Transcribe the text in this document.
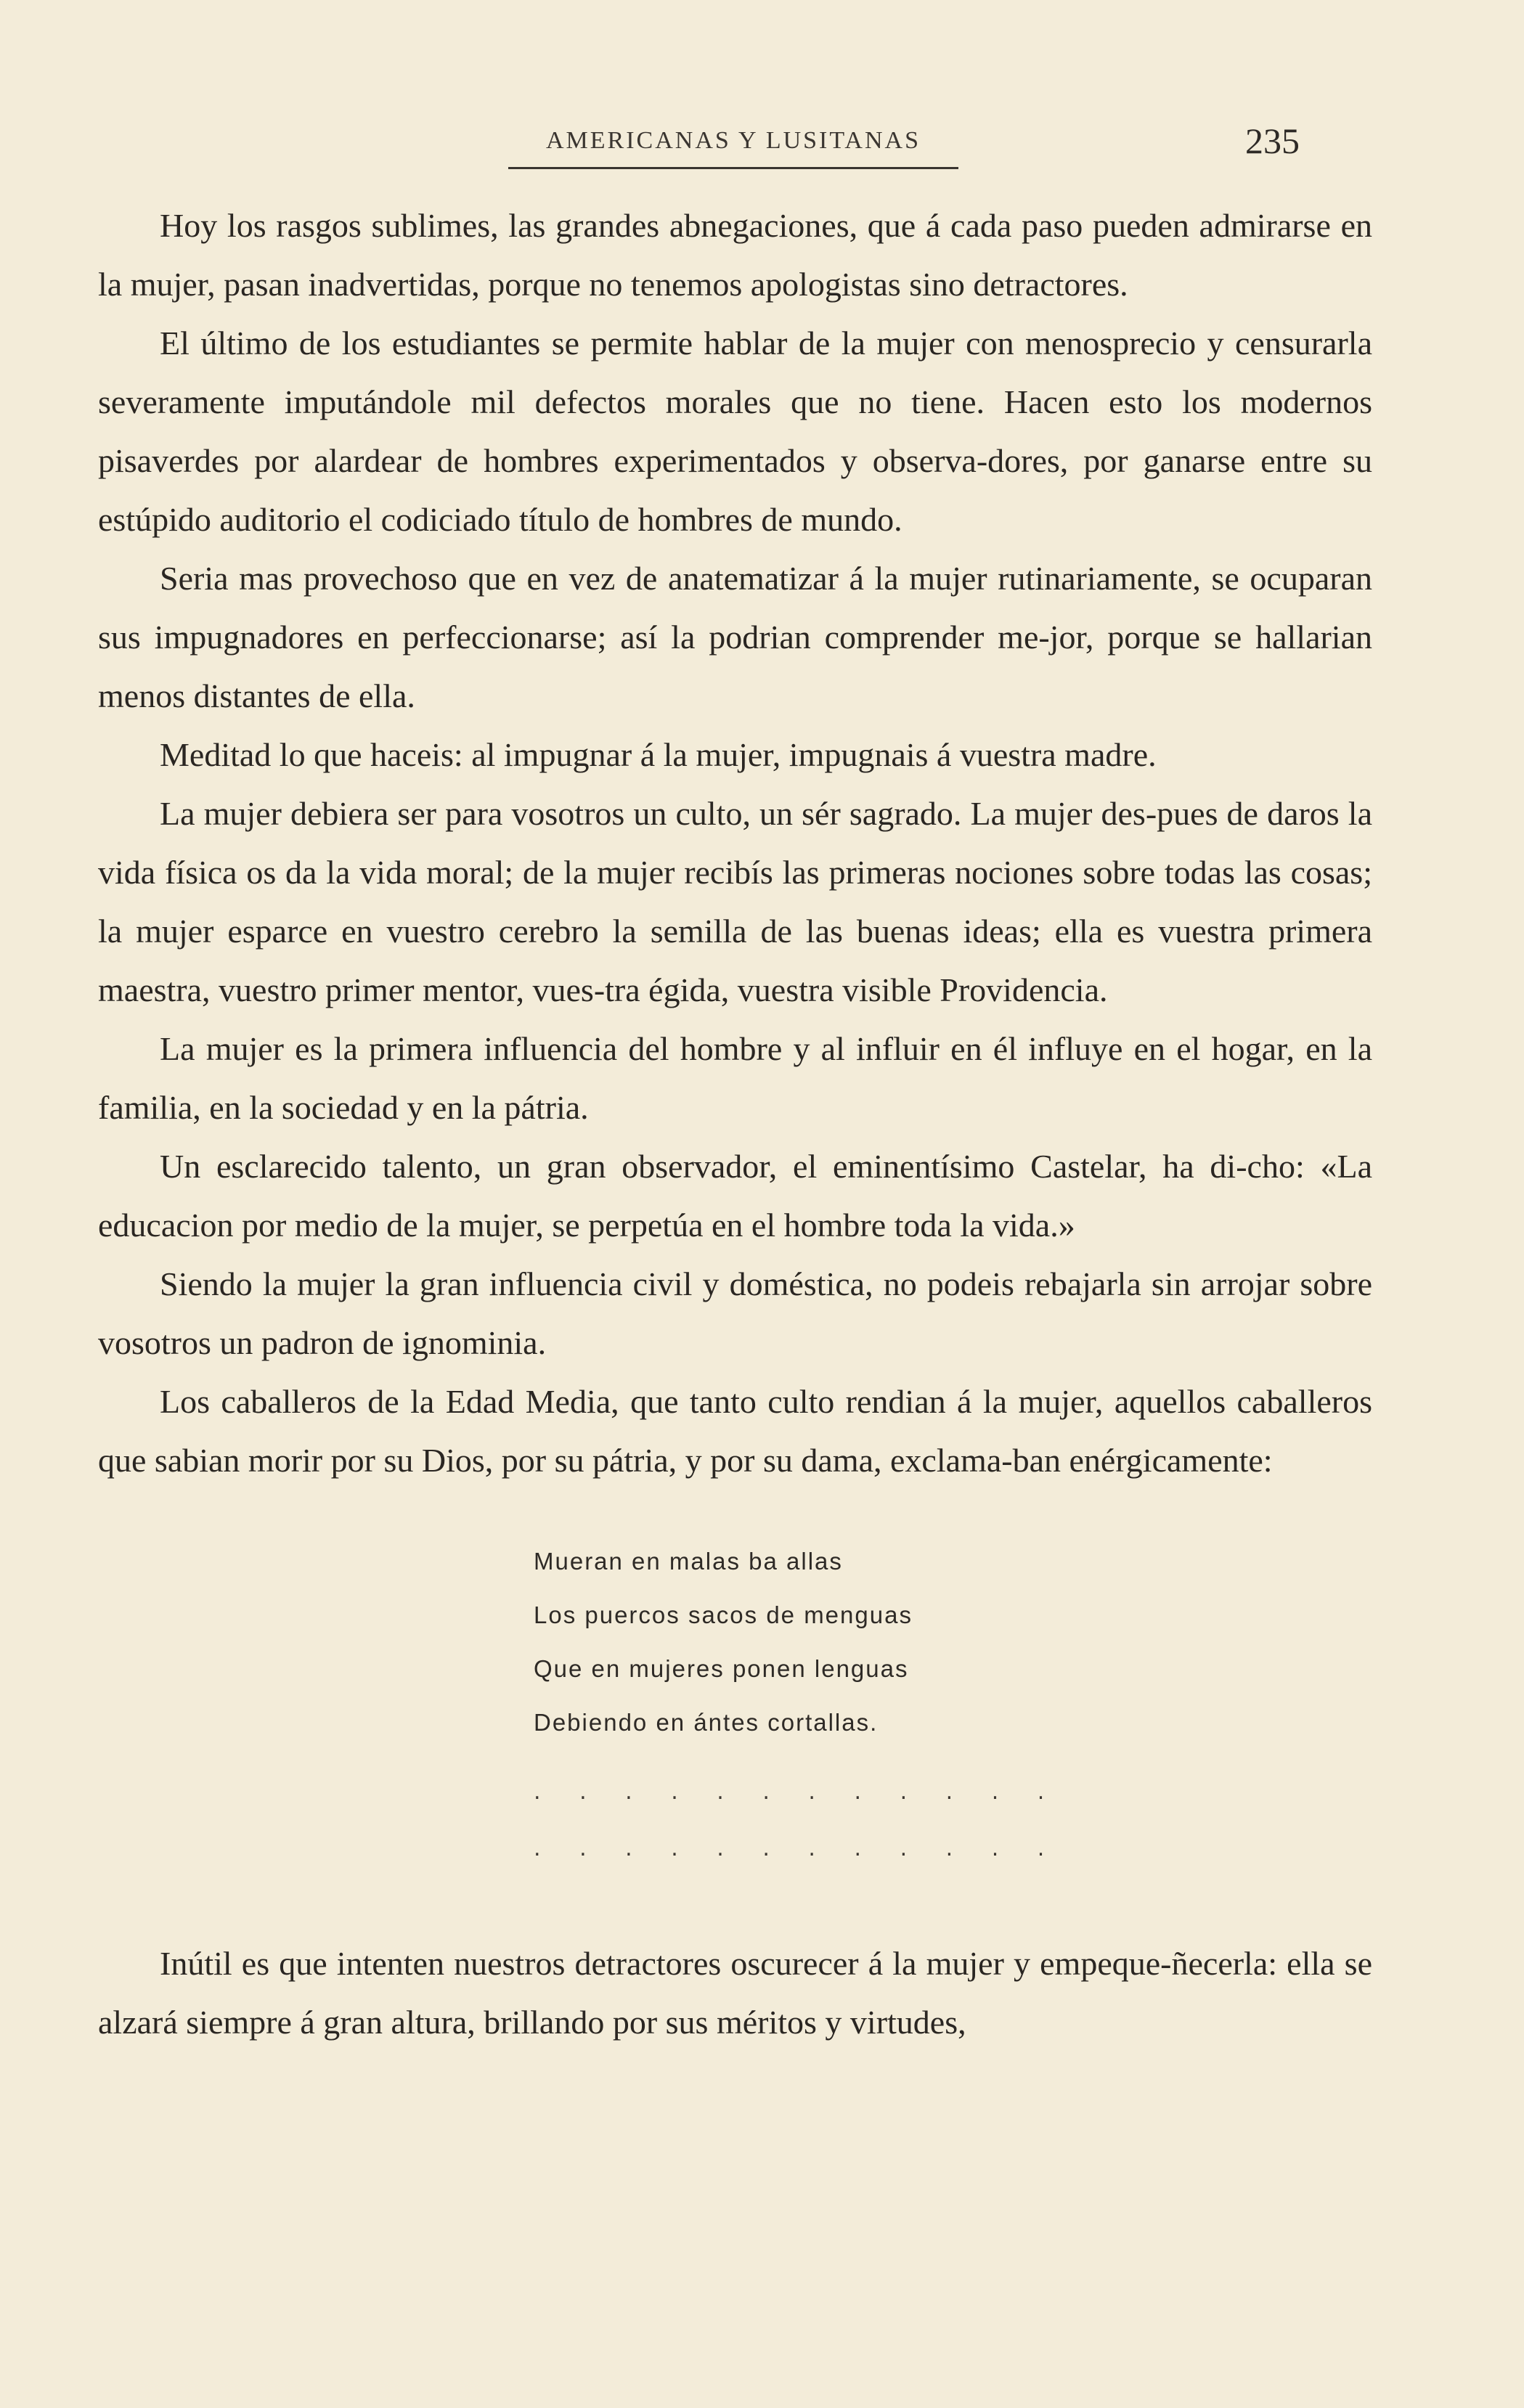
AMERICANAS Y LUSITANAS	235

Hoy los rasgos sublimes, las grandes abnegaciones, que á cada paso pueden admirarse en la mujer, pasan inadvertidas, porque no tenemos apologistas sino detractores.

El último de los estudiantes se permite hablar de la mujer con menosprecio y censurarla severamente imputándole mil defectos morales que no tiene. Hacen esto los modernos pisaverdes por alardear de hombres experimentados y observa-dores, por ganarse entre su estúpido auditorio el codiciado título de hombres de mundo.

Seria mas provechoso que en vez de anatematizar á la mujer rutinariamente, se ocuparan sus impugnadores en perfeccionarse; así la podrian comprender me-jor, porque se hallarian menos distantes de ella.

Meditad lo que haceis: al impugnar á la mujer, impugnais á vuestra madre.

La mujer debiera ser para vosotros un culto, un sér sagrado. La mujer des-pues de daros la vida física os da la vida moral; de la mujer recibís las primeras nociones sobre todas las cosas; la mujer esparce en vuestro cerebro la semilla de las buenas ideas; ella es vuestra primera maestra, vuestro primer mentor, vues-tra égida, vuestra visible Providencia.

La mujer es la primera influencia del hombre y al influir en él influye en el hogar, en la familia, en la sociedad y en la pátria.

Un esclarecido talento, un gran observador, el eminentísimo Castelar, ha di-cho: «La educacion por medio de la mujer, se perpetúa en el hombre toda la vida.»

Siendo la mujer la gran influencia civil y doméstica, no podeis rebajarla sin arrojar sobre vosotros un padron de ignominia.

Los caballeros de la Edad Media, que tanto culto rendian á la mujer, aquellos caballeros que sabian morir por su Dios, por su pátria, y por su dama, exclama-ban enérgicamente:

Mueran en malas ba allas
Los puercos sacos de menguas
Que en mujeres ponen lenguas
Debiendo en ántes cortallas.
. . . . . . . . . . . .
. . . . . . . . . . . .

Inútil es que intenten nuestros detractores oscurecer á la mujer y empeque-ñecerla: ella se alzará siempre á gran altura, brillando por sus méritos y virtudes,
